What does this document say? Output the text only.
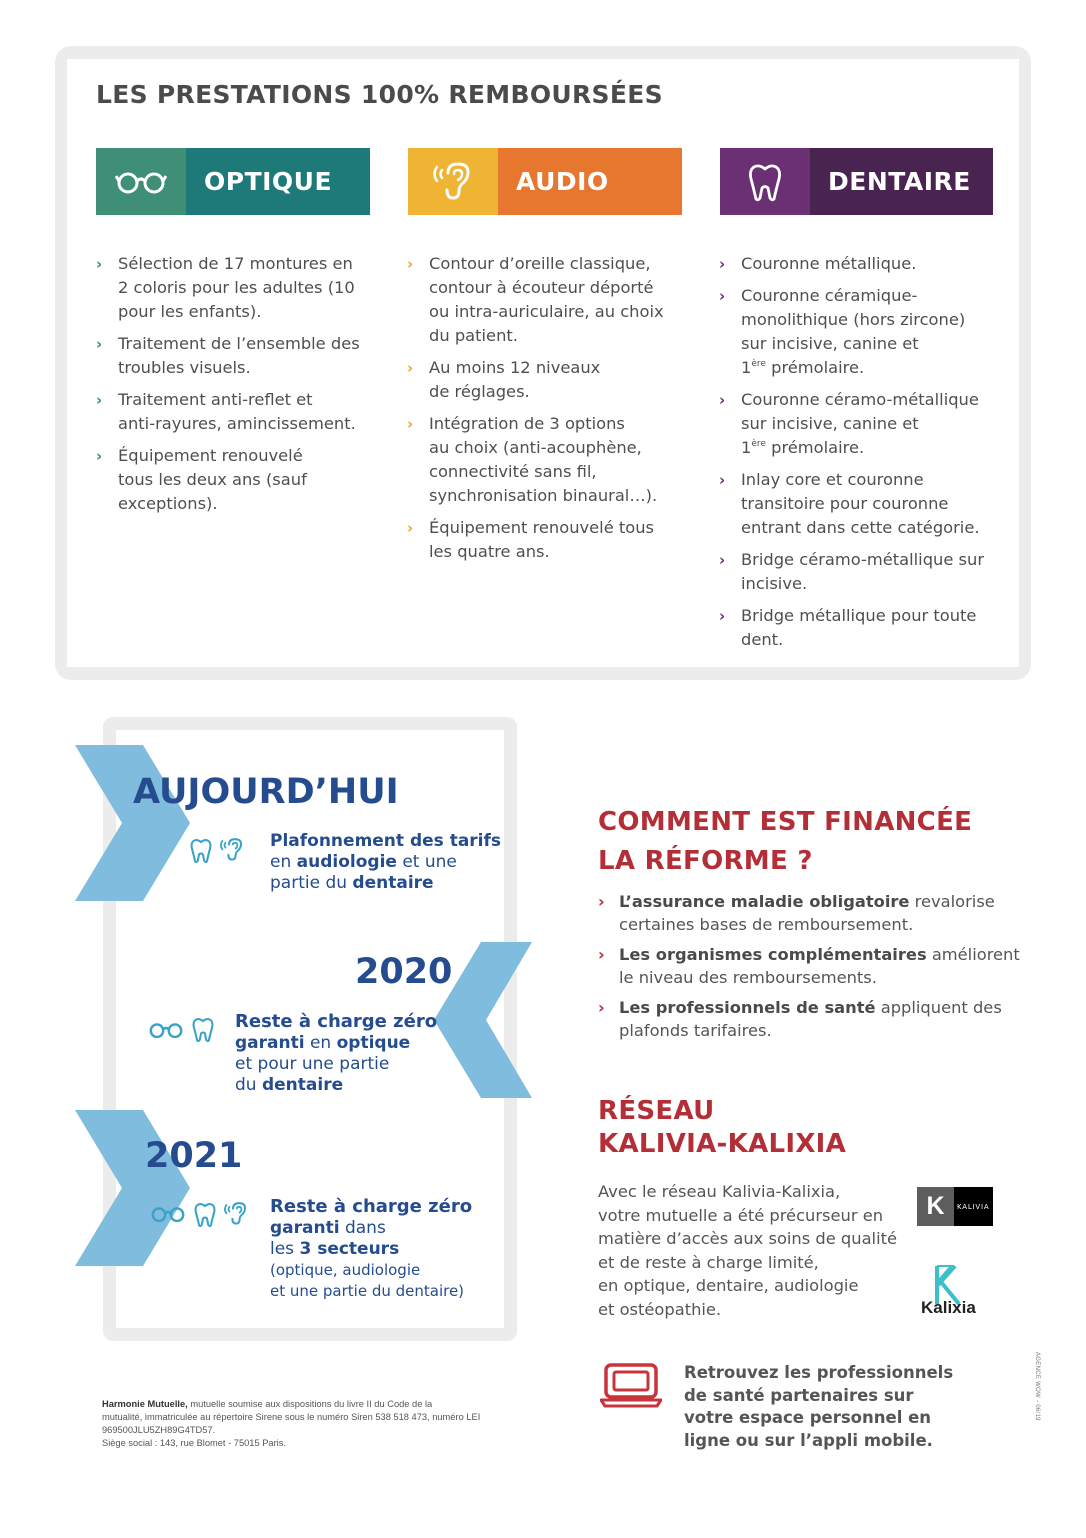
LES PRESTATIONS 100% REMBOURSÉES
OPTIQUE
› Sélection de 17 montures en
2 coloris pour les adultes (10
pour les enfants).
› Traitement de l’ensemble des
troubles visuels.
› Traitement anti-reflet et
anti-rayures, amincissement.
› Équipement renouvelé
tous les deux ans (sauf
exceptions).
AUDIO
› Contour d’oreille classique,
contour à écouteur déporté
ou intra-auriculaire, au choix
du patient.
› Au moins 12 niveaux
de réglages.
› Intégration de 3 options
au choix (anti-acouphène,
connectivité sans fil,
synchronisation binaural…).
› Équipement renouvelé tous
les quatre ans.
DENTAIRE
› Couronne métallique.
› Couronne céramique-
monolithique (hors zircone)
sur incisive, canine et
1ère prémolaire.
› Couronne céramo-métallique
sur incisive, canine et
1ère prémolaire.
› Inlay core et couronne
transitoire pour couronne
entrant dans cette catégorie.
› Bridge céramo-métallique sur
incisive.
› Bridge métallique pour toute
dent.
AUJOURD’HUI
Plafonnement des tarifs
en audiologie et une
partie du dentaire
2020
Reste à charge zéro
garanti en optique
et pour une partie
du dentaire
2021
Reste à charge zéro
garanti dans
les 3 secteurs
(optique, audiologie
et une partie du dentaire)
COMMENT EST FINANCÉE
LA RÉFORME ?
› L’assurance maladie obligatoire revalorise certaines bases de remboursement.
› Les organismes complémentaires améliorent le niveau des remboursements.
› Les professionnels de santé appliquent des plafonds tarifaires.
RÉSEAU
KALIVIA-KALIXIA
Avec le réseau Kalivia-Kalixia,
votre mutuelle a été précurseur en
matière d’accès aux soins de qualité
et de reste à charge limité,
en optique, dentaire, audiologie
et ostéopathie.
K	KALIVIA
Kalixia
Retrouvez les professionnels
de santé partenaires sur
votre espace personnel en
ligne ou sur l’appli mobile.
Harmonie Mutuelle, mutuelle soumise aux dispositions du livre II du Code de la
mutualité, immatriculée au répertoire Sirene sous le numéro Siren 538 518 473, numéro LEI
969500JLU5ZH89G4TD57.
Siège social : 143, rue Blomet - 75015 Paris.
AGENCE WOW - 06/19
